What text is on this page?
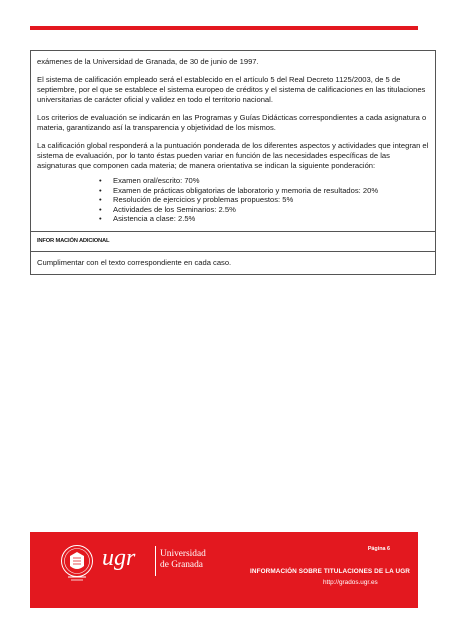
exámenes de la Universidad de Granada, de 30 de junio de 1997.

El sistema de calificación empleado será el establecido en el artículo 5 del Real Decreto 1125/2003, de 5 de septiembre, por el que se establece el sistema europeo de créditos y el sistema de calificaciones en las titulaciones universitarias de carácter oficial y validez en todo el territorio nacional.

Los criterios de evaluación se indicarán en las Programas y Guías Didácticas correspondientes a cada asignatura o materia, garantizando así la transparencia y objetividad de los mismos.

La calificación global responderá a la puntuación ponderada de los diferentes aspectos y actividades que integran el sistema de evaluación, por lo tanto éstas pueden variar en función de las necesidades específicas de las asignaturas que componen cada materia; de manera orientativa se indican la siguiente ponderación:

• Examen oral/escrito: 70%
• Examen de prácticas obligatorias de laboratorio y memoria de resultados: 20%
• Resolución de ejercicios y problemas propuestos: 5%
• Actividades de los Seminarios: 2.5%
• Asistencia a clase: 2.5%
INFOR MACIÓN ADICIONAL
Cumplimentar con el texto correspondiente en cada caso.
Página 6
ugr	Universidad
de Granada
INFORMACIÓN SOBRE TITULACIONES DE LA UGR
http://grados.ugr.es
